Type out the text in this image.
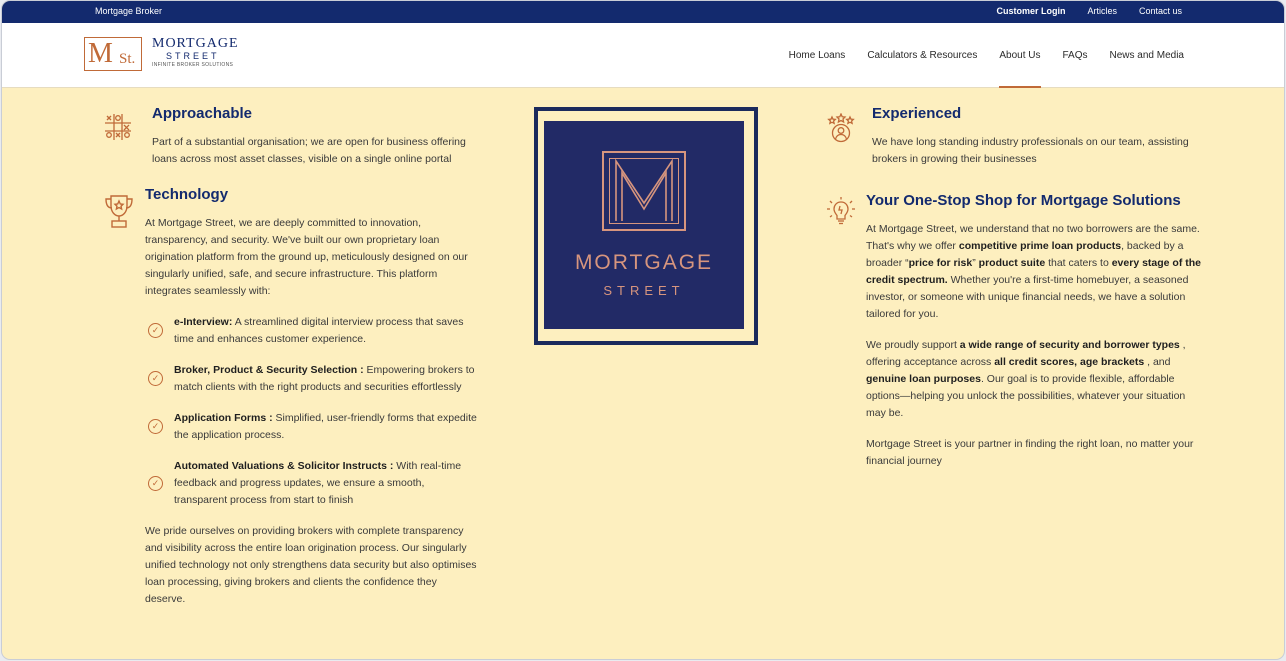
Mortgage Broker	Customer Login Articles Contact us
M St.
MORTGAGE
STREET
INFINITE BROKER SOLUTIONS
Home Loans Calculators & Resources About Us FAQs News and Media
Approachable

Part of a substantial organisation; we are open for business offering loans across most asset classes, visible on a single online portal

Technology

At Mortgage Street, we are deeply committed to innovation, transparency, and security. We've built our own proprietary loan origination platform from the ground up, meticulously designed on our singularly unified, safe, and secure infrastructure. This platform integrates seamlessly with:

✓
e-Interview: A streamlined digital interview process that saves time and enhances customer experience.
✓
Broker, Product & Security Selection : Empowering brokers to match clients with the right products and securities effortlessly
✓
Application Forms : Simplified, user-friendly forms that expedite the application process.
✓
Automated Valuations & Solicitor Instructs : With real-time feedback and progress updates, we ensure a smooth, transparent process from start to finish

We pride ourselves on providing brokers with complete transparency and visibility across the entire loan origination process. Our singularly unified technology not only strengthens data security but also optimises loan processing, giving brokers and clients the confidence they deserve.

MORTGAGE
STREET
Experienced

We have long standing industry professionals on our team, assisting brokers in growing their businesses

Your One-Stop Shop for Mortgage Solutions

At Mortgage Street, we understand that no two borrowers are the same. That's why we offer competitive prime loan products, backed by a broader “price for risk” product suite that caters to every stage of the credit spectrum. Whether you're a first-time homebuyer, a seasoned investor, or someone with unique financial needs, we have a solution tailored for you.

We proudly support a wide range of security and borrower types , offering acceptance across all credit scores, age brackets , and genuine loan purposes. Our goal is to provide flexible, affordable options—helping you unlock the possibilities, whatever your situation may be.

Mortgage Street is your partner in finding the right loan, no matter your financial journey
